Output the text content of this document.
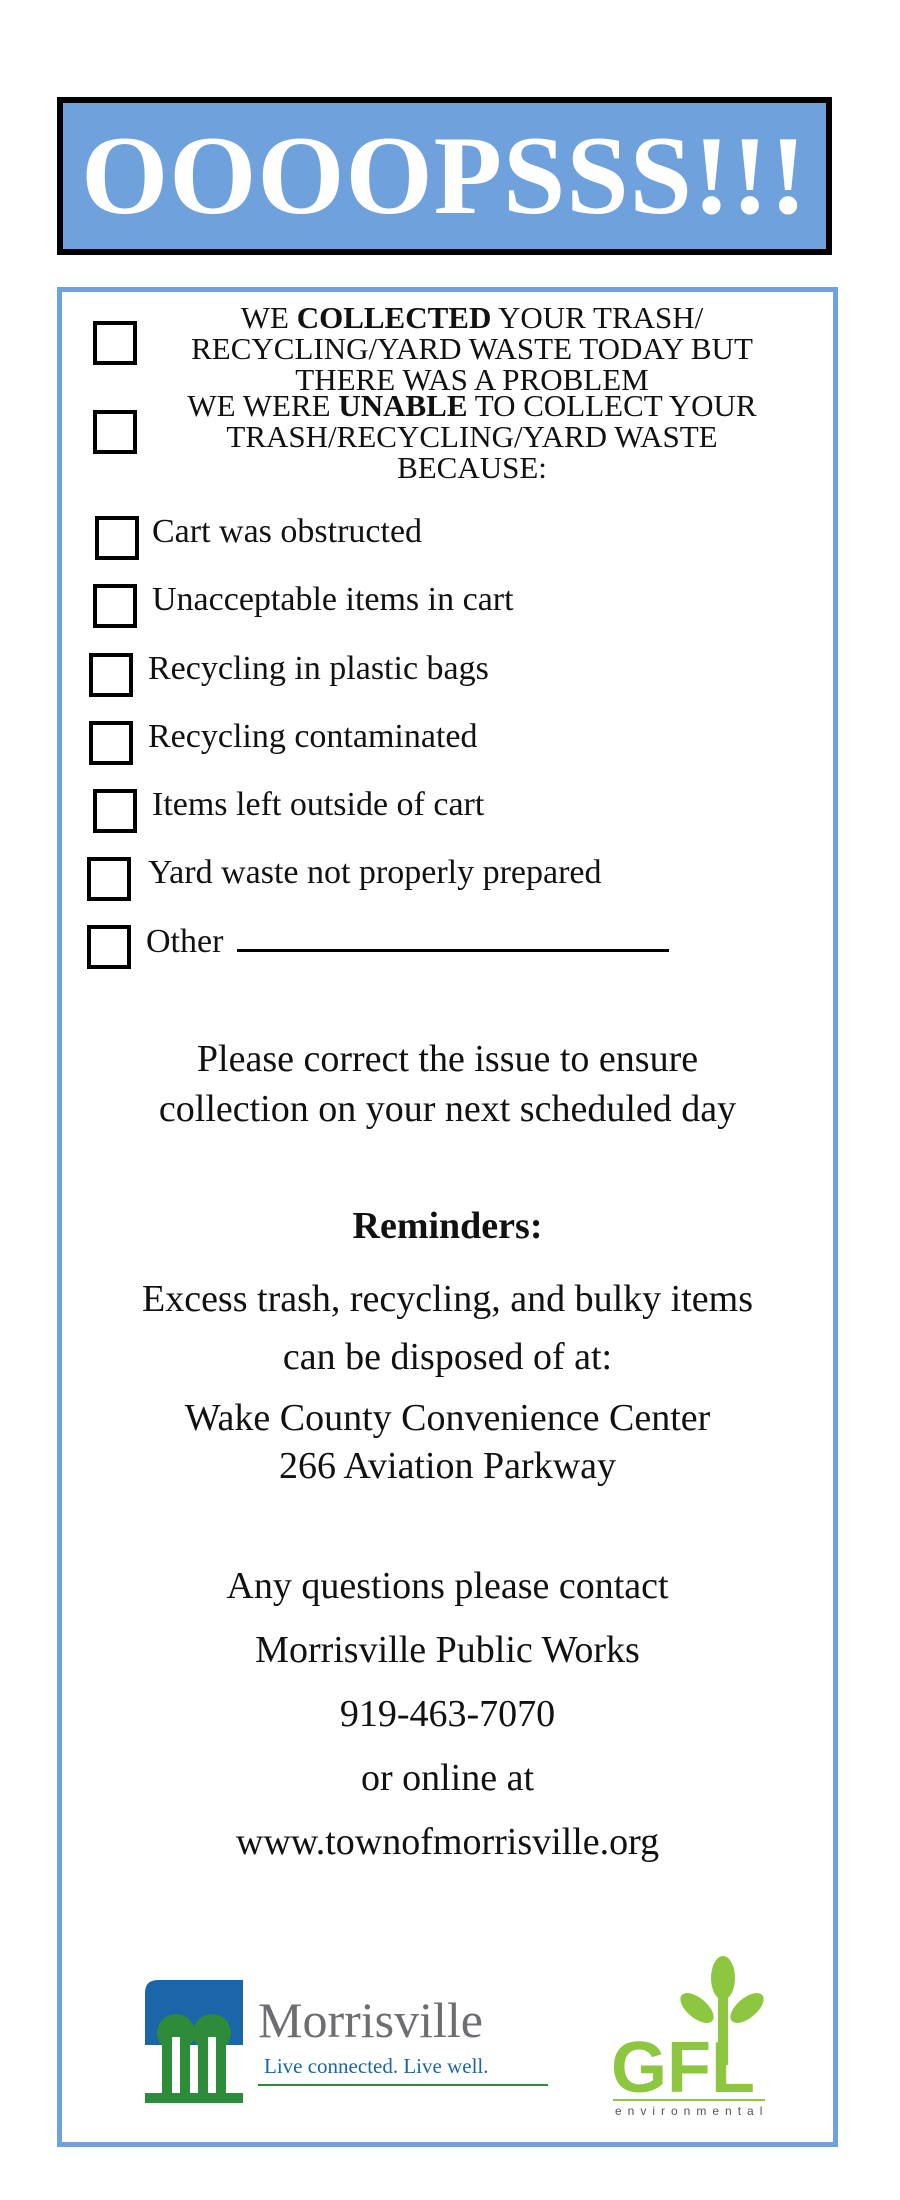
OOOOPSSS!!!
WE COLLECTED YOUR TRASH/ RECYCLING/YARD WASTE TODAY BUT THERE WAS A PROBLEM
WE WERE UNABLE TO COLLECT YOUR TRASH/RECYCLING/YARD WASTE BECAUSE:
Cart was obstructed
Unacceptable items in cart
Recycling in plastic bags
Recycling contaminated
Items left outside of cart
Yard waste not properly prepared
Other
Please correct the issue to ensure
collection on your next scheduled day
Reminders:
Excess trash, recycling, and bulky items
can be disposed of at:
Wake County Convenience Center
266 Aviation Parkway
Any questions please contact
Morrisville Public Works
919-463-7070
or online at
www.townofmorrisville.org
Morrisville
Live connected. Live well. GFL
environmental
